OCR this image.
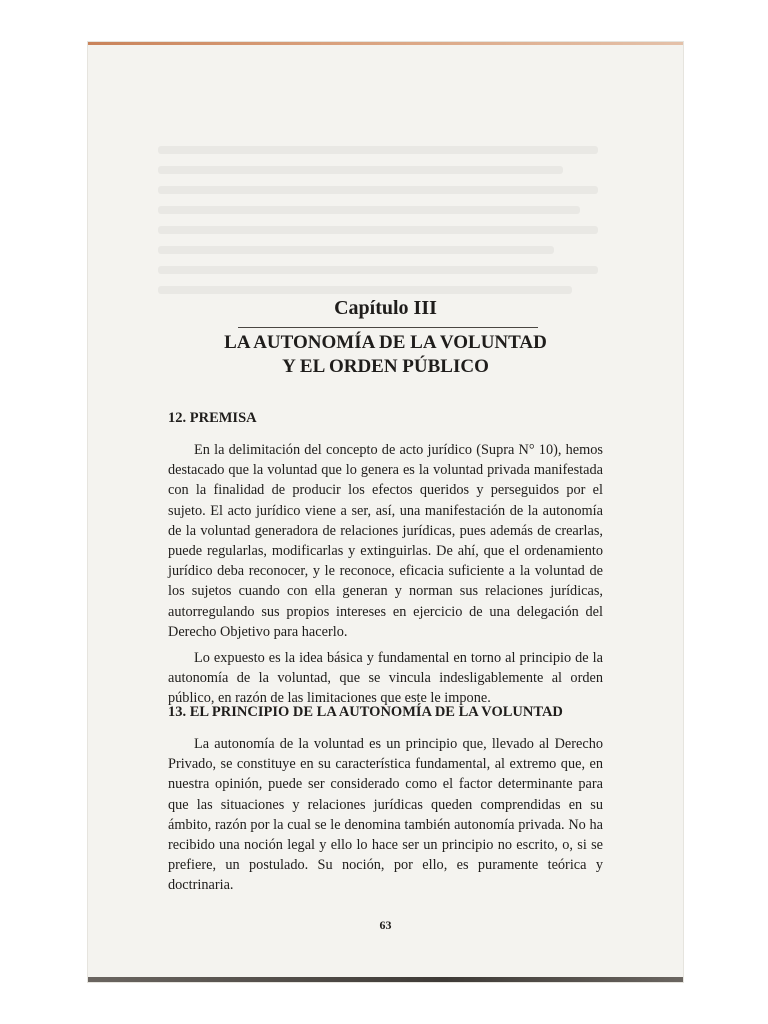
Capítulo III
LA AUTONOMÍA DE LA VOLUNTAD
Y EL ORDEN PÚBLICO
12. PREMISA

En la delimitación del concepto de acto jurídico (Supra N° 10), hemos destacado que la voluntad que lo genera es la voluntad privada manifestada con la finalidad de producir los efectos queridos y perseguidos por el sujeto. El acto jurídico viene a ser, así, una manifestación de la autonomía de la voluntad generadora de relaciones jurídicas, pues además de crearlas, puede regularlas, modificarlas y extinguirlas. De ahí, que el ordenamiento jurídico deba reconocer, y le reconoce, eficacia suficiente a la voluntad de los sujetos cuando con ella generan y norman sus relaciones jurídicas, autorregulando sus propios intereses en ejercicio de una delegación del Derecho Objetivo para hacerlo.

Lo expuesto es la idea básica y fundamental en torno al principio de la autonomía de la voluntad, que se vincula indesligablemente al orden público, en razón de las limitaciones que este le impone.

13. EL PRINCIPIO DE LA AUTONOMÍA DE LA VOLUNTAD

La autonomía de la voluntad es un principio que, llevado al Derecho Privado, se constituye en su característica fundamental, al extremo que, en nuestra opinión, puede ser considerado como el factor determinante para que las situaciones y relaciones jurídicas queden comprendidas en su ámbito, razón por la cual se le denomina también autonomía privada. No ha recibido una noción legal y ello lo hace ser un principio no escrito, o, si se prefiere, un postulado. Su noción, por ello, es puramente teórica y doctrinaria.

63
